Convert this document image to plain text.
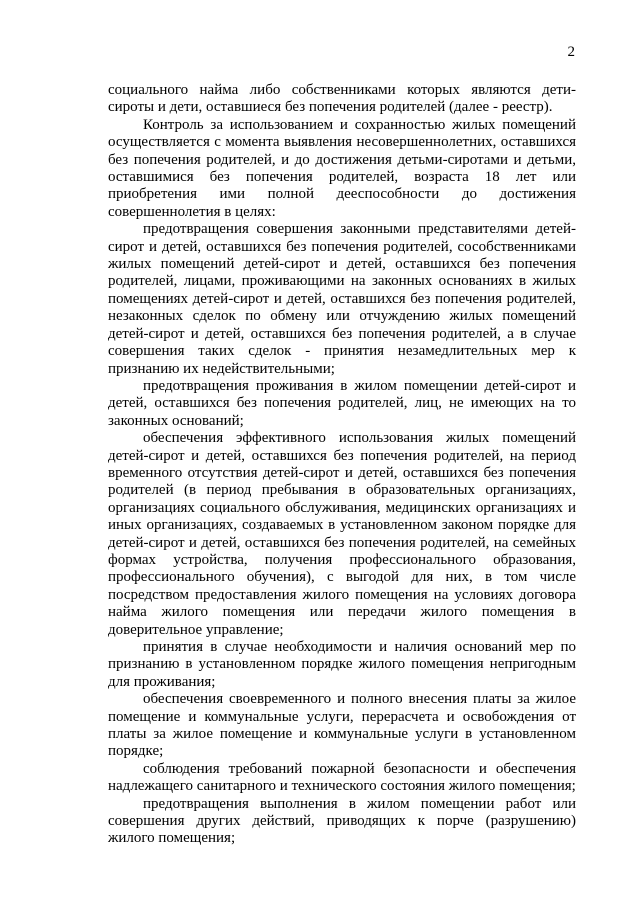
2

социального найма либо собственниками которых являются дети-сироты и дети, оставшиеся без попечения родителей (далее - реестр).

Контроль за использованием и сохранностью жилых помещений осуществляется с момента выявления несовершеннолетних, оставшихся без попечения родителей, и до достижения детьми-сиротами и детьми, оставшимися без попечения родителей, возраста 18 лет или приобретения ими полной дееспособности до достижения совершеннолетия в целях:

предотвращения совершения законными представителями детей-сирот и детей, оставшихся без попечения родителей, сособственниками жилых помещений детей-сирот и детей, оставшихся без попечения родителей, лицами, проживающими на законных основаниях в жилых помещениях детей-сирот и детей, оставшихся без попечения родителей, незаконных сделок по обмену или отчуждению жилых помещений детей-сирот и детей, оставшихся без попечения родителей, а в случае совершения таких сделок - принятия незамедлительных мер к признанию их недействительными;

предотвращения проживания в жилом помещении детей-сирот и детей, оставшихся без попечения родителей, лиц, не имеющих на то законных оснований;

обеспечения эффективного использования жилых помещений детей-сирот и детей, оставшихся без попечения родителей, на период временного отсутствия детей-сирот и детей, оставшихся без попечения родителей (в период пребывания в образовательных организациях, организациях социального обслуживания, медицинских организациях и иных организациях, создаваемых в установленном законом порядке для детей-сирот и детей, оставшихся без попечения родителей, на семейных формах устройства, получения профессионального образования, профессионального обучения), с выгодой для них, в том числе посредством предоставления жилого помещения на условиях договора найма жилого помещения или передачи жилого помещения в доверительное управление;

принятия в случае необходимости и наличия оснований мер по признанию в установленном порядке жилого помещения непригодным для проживания;

обеспечения своевременного и полного внесения платы за жилое помещение и коммунальные услуги, перерасчета и освобождения от платы за жилое помещение и коммунальные услуги в установленном порядке;

соблюдения требований пожарной безопасности и обеспечения надлежащего санитарного и технического состояния жилого помещения;

предотвращения выполнения в жилом помещении работ или совершения других действий, приводящих к порче (разрушению) жилого помещения;
